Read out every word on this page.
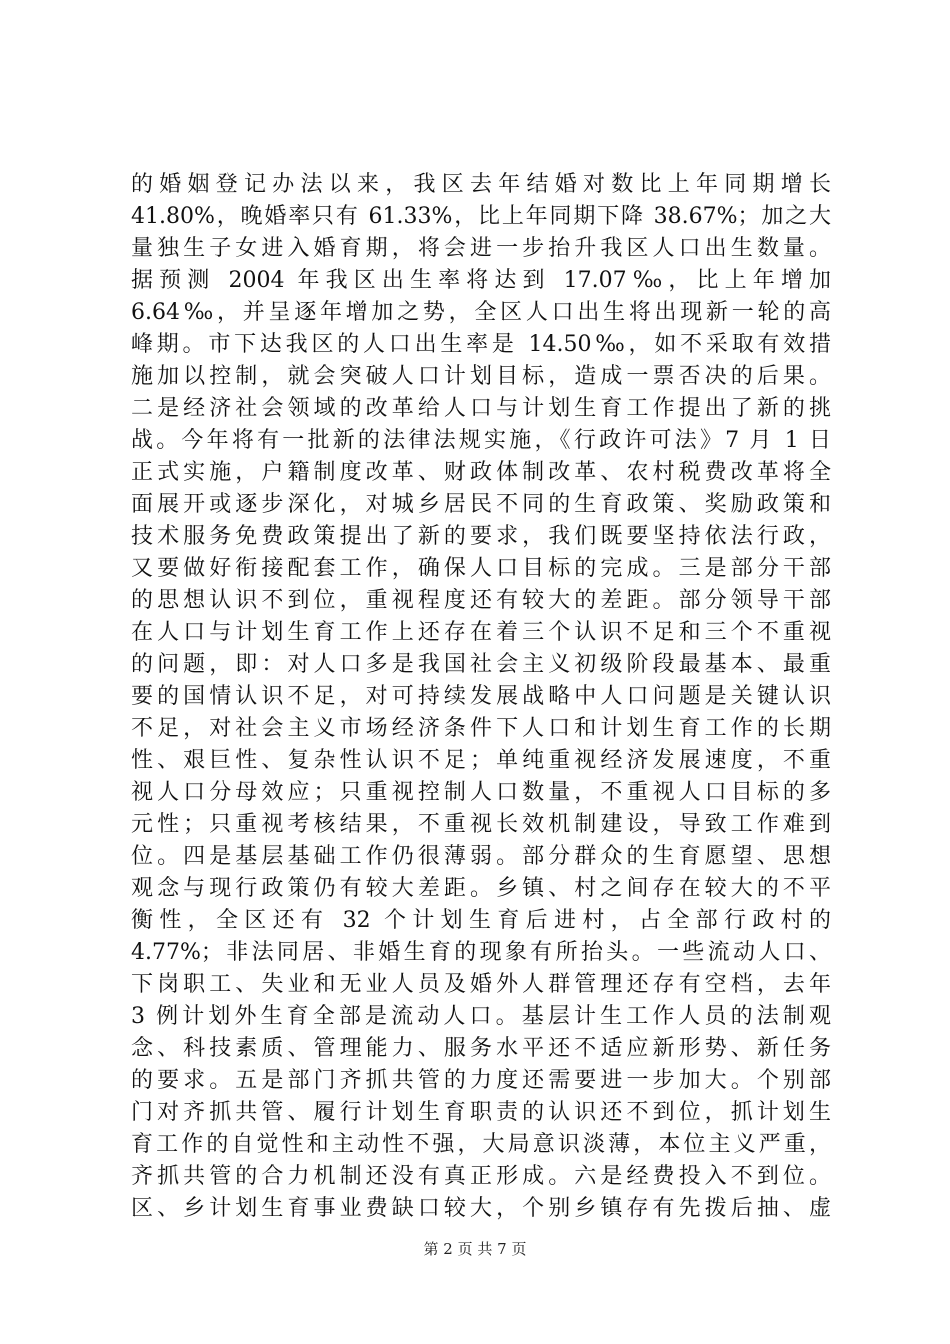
的婚姻登记办法以来，我区去年结婚对数比上年同期增长
41.80%，晚婚率只有 61.33%，比上年同期下降 38.67%；加之大
量独生子女进入婚育期，将会进一步抬升我区人口出生数量。
据预测 2004 年我区出生率将达到 17.07‰，比上年增加
6.64‰，并呈逐年增加之势，全区人口出生将出现新一轮的高
峰期。市下达我区的人口出生率是 14.50‰，如不采取有效措
施加以控制，就会突破人口计划目标，造成一票否决的后果。
二是经济社会领域的改革给人口与计划生育工作提出了新的挑
战。今年将有一批新的法律法规实施，《行政许可法》7 月 1 日
正式实施，户籍制度改革、财政体制改革、农村税费改革将全
面展开或逐步深化，对城乡居民不同的生育政策、奖励政策和
技术服务免费政策提出了新的要求，我们既要坚持依法行政，
又要做好衔接配套工作，确保人口目标的完成。三是部分干部
的思想认识不到位，重视程度还有较大的差距。部分领导干部
在人口与计划生育工作上还存在着三个认识不足和三个不重视
的问题，即：对人口多是我国社会主义初级阶段最基本、最重
要的国情认识不足，对可持续发展战略中人口问题是关键认识
不足，对社会主义市场经济条件下人口和计划生育工作的长期
性、艰巨性、复杂性认识不足；单纯重视经济发展速度，不重
视人口分母效应；只重视控制人口数量，不重视人口目标的多
元性；只重视考核结果，不重视长效机制建设，导致工作难到
位。四是基层基础工作仍很薄弱。部分群众的生育愿望、思想
观念与现行政策仍有较大差距。乡镇、村之间存在较大的不平
衡性，全区还有 32 个计划生育后进村，占全部行政村的
4.77%；非法同居、非婚生育的现象有所抬头。一些流动人口、
下岗职工、失业和无业人员及婚外人群管理还存有空档，去年
3 例计划外生育全部是流动人口。基层计生工作人员的法制观
念、科技素质、管理能力、服务水平还不适应新形势、新任务
的要求。五是部门齐抓共管的力度还需要进一步加大。个别部
门对齐抓共管、履行计划生育职责的认识还不到位，抓计划生
育工作的自觉性和主动性不强，大局意识淡薄，本位主义严重，
齐抓共管的合力机制还没有真正形成。六是经费投入不到位。
区、乡计划生育事业费缺口较大，个别乡镇存有先拨后抽、虚
第 2 页 共 7 页
